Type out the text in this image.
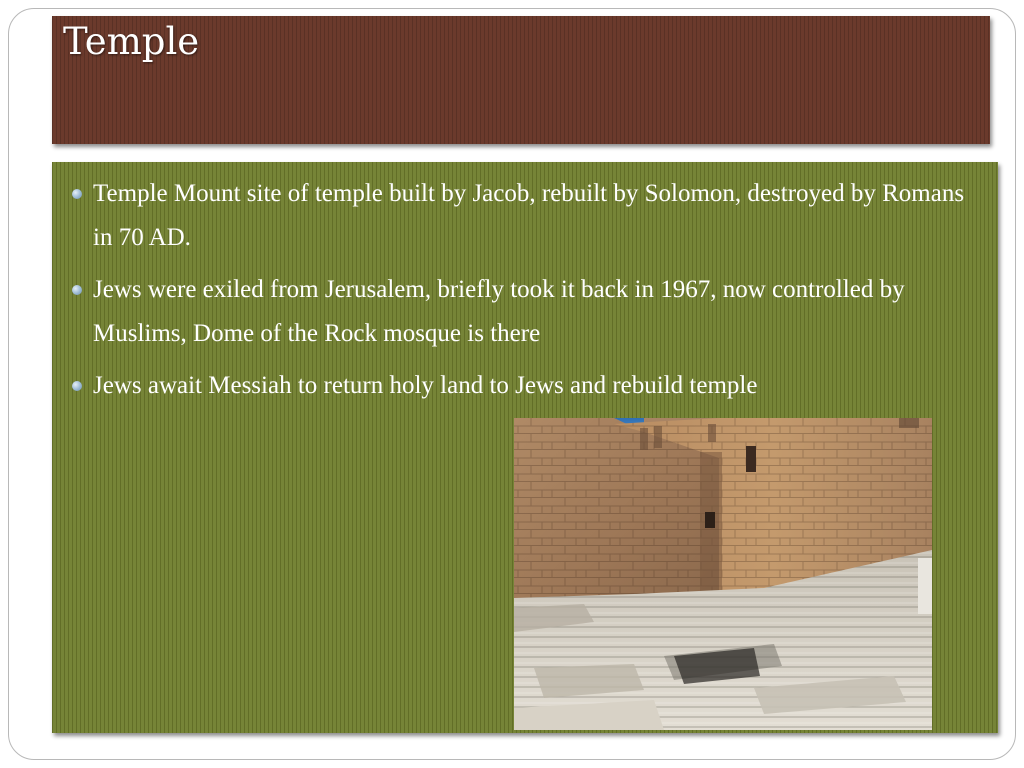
Temple
Temple Mount site of temple built by Jacob, rebuilt by Solomon, destroyed by Romans in 70 AD.
Jews were exiled from Jerusalem, briefly took it back in 1967, now controlled by Muslims, Dome of the Rock mosque is there
Jews await Messiah to return holy land to Jews and rebuild temple
